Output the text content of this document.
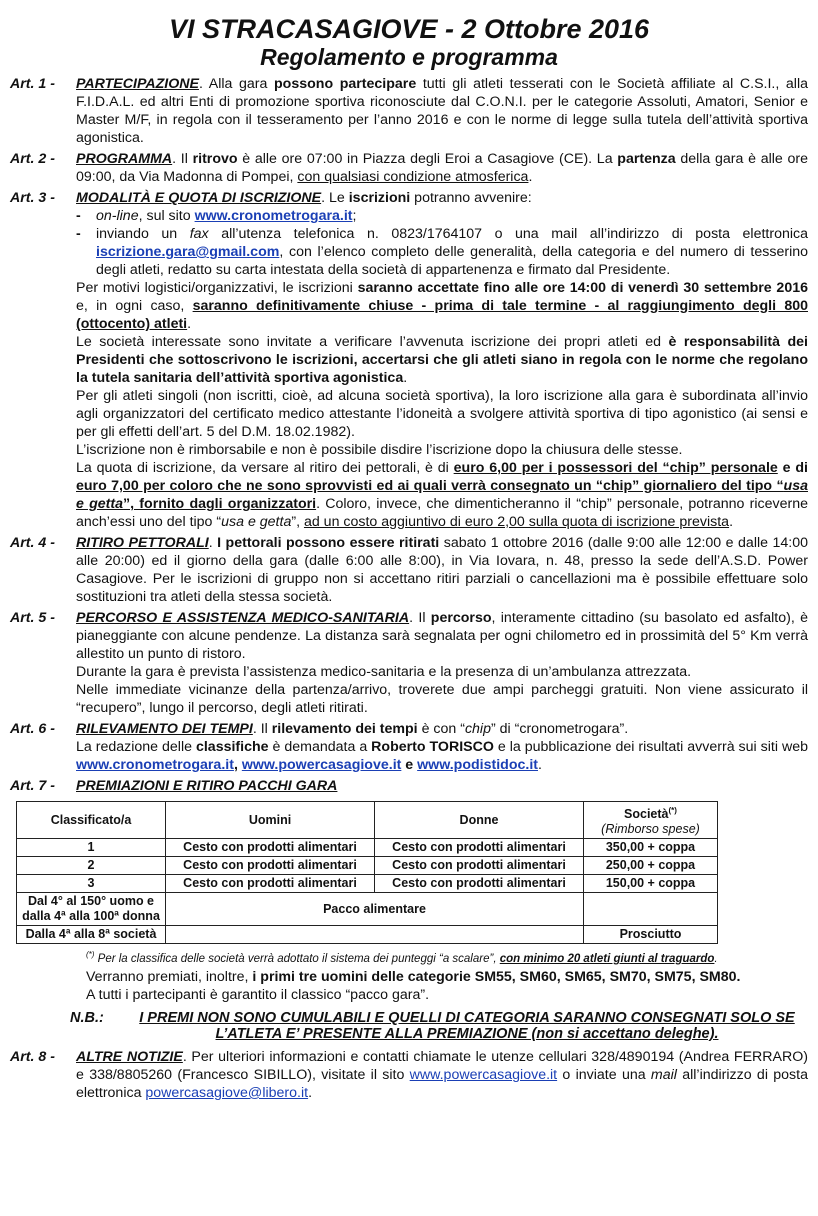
VI STRACASAGIOVE - 2 Ottobre 2016
Regolamento e programma
Art. 1 -	PARTECIPAZIONE. Alla gara possono partecipare tutti gli atleti tesserati con le Società affiliate al C.S.I., alla F.I.D.A.L. ed altri Enti di promozione sportiva riconosciute dal C.O.N.I. per le categorie Assoluti, Amatori, Senior e Master M/F, in regola con il tesseramento per l’anno 2016 e con le norme di legge sulla tutela dell’attività sportiva agonistica.

Art. 2 -	PROGRAMMA. Il ritrovo è alle ore 07:00 in Piazza degli Eroi a Casagiove (CE). La partenza della gara è alle ore 09:00, da Via Madonna di Pompei, con qualsiasi condizione atmosferica.

Art. 3 -	MODALITÀ E QUOTA DI ISCRIZIONE. Le iscrizioni potranno avvenire:

- on-line, sul sito www.cronometrogara.it;
- inviando un fax all’utenza telefonica n. 0823/1764107 o una mail all’indirizzo di posta elettronica iscrizione.gara@gmail.com, con l’elenco completo delle generalità, della categoria e del numero di tesserino degli atleti, redatto su carta intestata della società di appartenenza e firmato dal Presidente.

Per motivi logistici/organizzativi, le iscrizioni saranno accettate fino alle ore 14:00 di venerdì 30 settembre 2016 e, in ogni caso, saranno definitivamente chiuse - prima di tale termine - al raggiungimento degli 800 (ottocento) atleti.

Le società interessate sono invitate a verificare l’avvenuta iscrizione dei propri atleti ed è responsabilità dei Presidenti che sottoscrivono le iscrizioni, accertarsi che gli atleti siano in regola con le norme che regolano la tutela sanitaria dell’attività sportiva agonistica.

Per gli atleti singoli (non iscritti, cioè, ad alcuna società sportiva), la loro iscrizione alla gara è subordinata all’invio agli organizzatori del certificato medico attestante l’idoneità a svolgere attività sportiva di tipo agonistico (ai sensi e per gli effetti dell’art. 5 del D.M. 18.02.1982).

L’iscrizione non è rimborsabile e non è possibile disdire l’iscrizione dopo la chiusura delle stesse.

La quota di iscrizione, da versare al ritiro dei pettorali, è di euro 6,00 per i possessori del “chip” personale e di euro 7,00 per coloro che ne sono sprovvisti ed ai quali verrà consegnato un “chip” giornaliero del tipo “usa e getta”, fornito dagli organizzatori. Coloro, invece, che dimenticheranno il “chip” personale, potranno riceverne anch’essi uno del tipo “usa e getta”, ad un costo aggiuntivo di euro 2,00 sulla quota di iscrizione prevista.

Art. 4 -	RITIRO PETTORALI. I pettorali possono essere ritirati sabato 1 ottobre 2016 (dalle 9:00 alle 12:00 e dalle 14:00 alle 20:00) ed il giorno della gara (dalle 6:00 alle 8:00), in Via Iovara, n. 48, presso la sede dell’A.S.D. Power Casagiove. Per le iscrizioni di gruppo non si accettano ritiri parziali o cancellazioni ma è possibile effettuare solo sostituzioni tra atleti della stessa società.

Art. 5 -	PERCORSO E ASSISTENZA MEDICO-SANITARIA. Il percorso, interamente cittadino (su basolato ed asfalto), è pianeggiante con alcune pendenze. La distanza sarà segnalata per ogni chilometro ed in prossimità del 5° Km verrà allestito un punto di ristoro.

Durante la gara è prevista l’assistenza medico-sanitaria e la presenza di un’ambulanza attrezzata.

Nelle immediate vicinanze della partenza/arrivo, troverete due ampi parcheggi gratuiti. Non viene assicurato il “recupero”, lungo il percorso, degli atleti ritirati.

Art. 6 -	RILEVAMENTO DEI TEMPI. Il rilevamento dei tempi è con “chip” di “cronometrogara”.

La redazione delle classifiche è demandata a Roberto TORISCO e la pubblicazione dei risultati avverrà sui siti web www.cronometrogara.it, www.powercasagiove.it e www.podistidoc.it.

Art. 7 -	PREMIAZIONI E RITIRO PACCHI GARA

Classificato/a	Uomini	Donne	Società(*)
(Rimborso spese)
1	Cesto con prodotti alimentari	Cesto con prodotti alimentari	350,00 + coppa
2	Cesto con prodotti alimentari	Cesto con prodotti alimentari	250,00 + coppa
3	Cesto con prodotti alimentari	Cesto con prodotti alimentari	150,00 + coppa
Dal 4° al 150° uomo e dalla 4ª alla 100ª donna	Pacco alimentare		
Dalla 4ª alla 8ª società			Prosciutto
(*) Per la classifica delle società verrà adottato il sistema dei punteggi “a scalare”, con minimo 20 atleti giunti al traguardo.

Verranno premiati, inoltre, i primi tre uomini delle categorie SM55, SM60, SM65, SM70, SM75, SM80.

A tutti i partecipanti è garantito il classico “pacco gara”.

N.B.:	I PREMI NON SONO CUMULABILI E QUELLI DI CATEGORIA SARANNO CONSEGNATI SOLO SE L’ATLETA E’ PRESENTE ALLA PREMIAZIONE (non si accettano deleghe).
Art. 8 -	ALTRE NOTIZIE. Per ulteriori informazioni e contatti chiamate le utenze cellulari 328/4890194 (Andrea FERRARO) e 338/8805260 (Francesco SIBILLO), visitate il sito www.powercasagiove.it o inviate una mail all’indirizzo di posta elettronica powercasagiove@libero.it.
